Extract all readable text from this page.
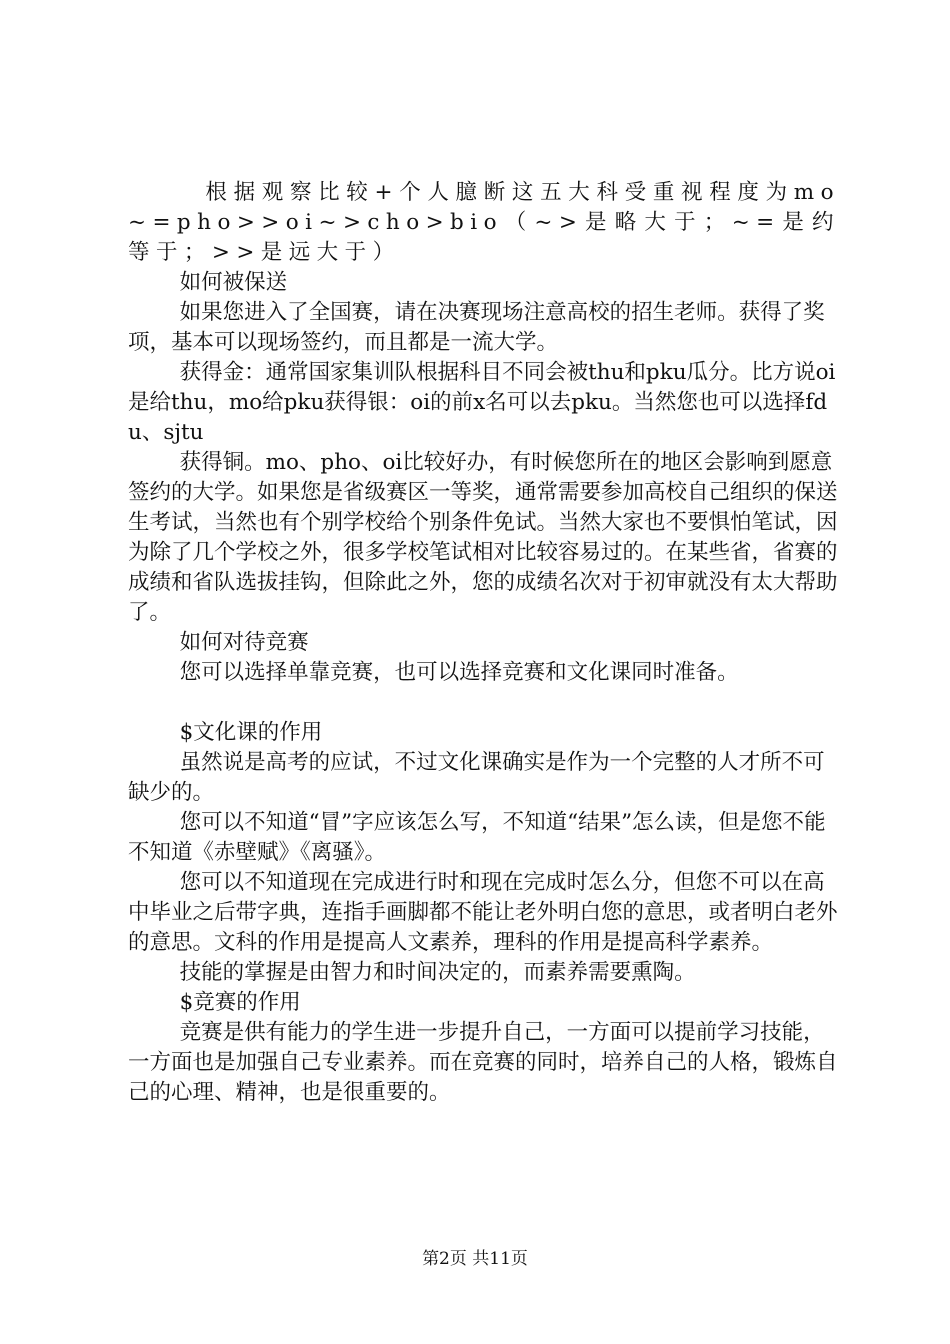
根据观察比较+个人臆断这五大科受重视程度为mo~=pho>>oi~>cho>bio（~>是略大于；~=是约等于；>>是远大于）

如何被保送

如果您进入了全国赛，请在决赛现场注意高校的招生老师。获得了奖项，基本可以现场签约，而且都是一流大学。

获得金：通常国家集训队根据科目不同会被thu和pku瓜分。比方说oi是给thu，mo给pku获得银：oi的前x名可以去pku。当然您也可以选择fdu、sjtu

获得铜。mo、pho、oi比较好办，有时候您所在的地区会影响到愿意签约的大学。如果您是省级赛区一等奖，通常需要参加高校自己组织的保送生考试，当然也有个别学校给个别条件免试。当然大家也不要惧怕笔试，因为除了几个学校之外，很多学校笔试相对比较容易过的。在某些省，省赛的成绩和省队选拔挂钩，但除此之外，您的成绩名次对于初审就没有太大帮助了。

如何对待竞赛

您可以选择单靠竞赛，也可以选择竞赛和文化课同时准备。

$文化课的作用

虽然说是高考的应试，不过文化课确实是作为一个完整的人才所不可缺少的。

您可以不知道“冒”字应该怎么写，不知道“结果”怎么读，但是您不能不知道《赤壁赋》《离骚》。

您可以不知道现在完成进行时和现在完成时怎么分，但您不可以在高中毕业之后带字典，连指手画脚都不能让老外明白您的意思，或者明白老外的意思。文科的作用是提高人文素养，理科的作用是提高科学素养。

技能的掌握是由智力和时间决定的，而素养需要熏陶。

$竞赛的作用

竞赛是供有能力的学生进一步提升自己，一方面可以提前学习技能，一方面也是加强自己专业素养。而在竞赛的同时，培养自己的人格，锻炼自己的心理、精神，也是很重要的。

第2页 共11页
